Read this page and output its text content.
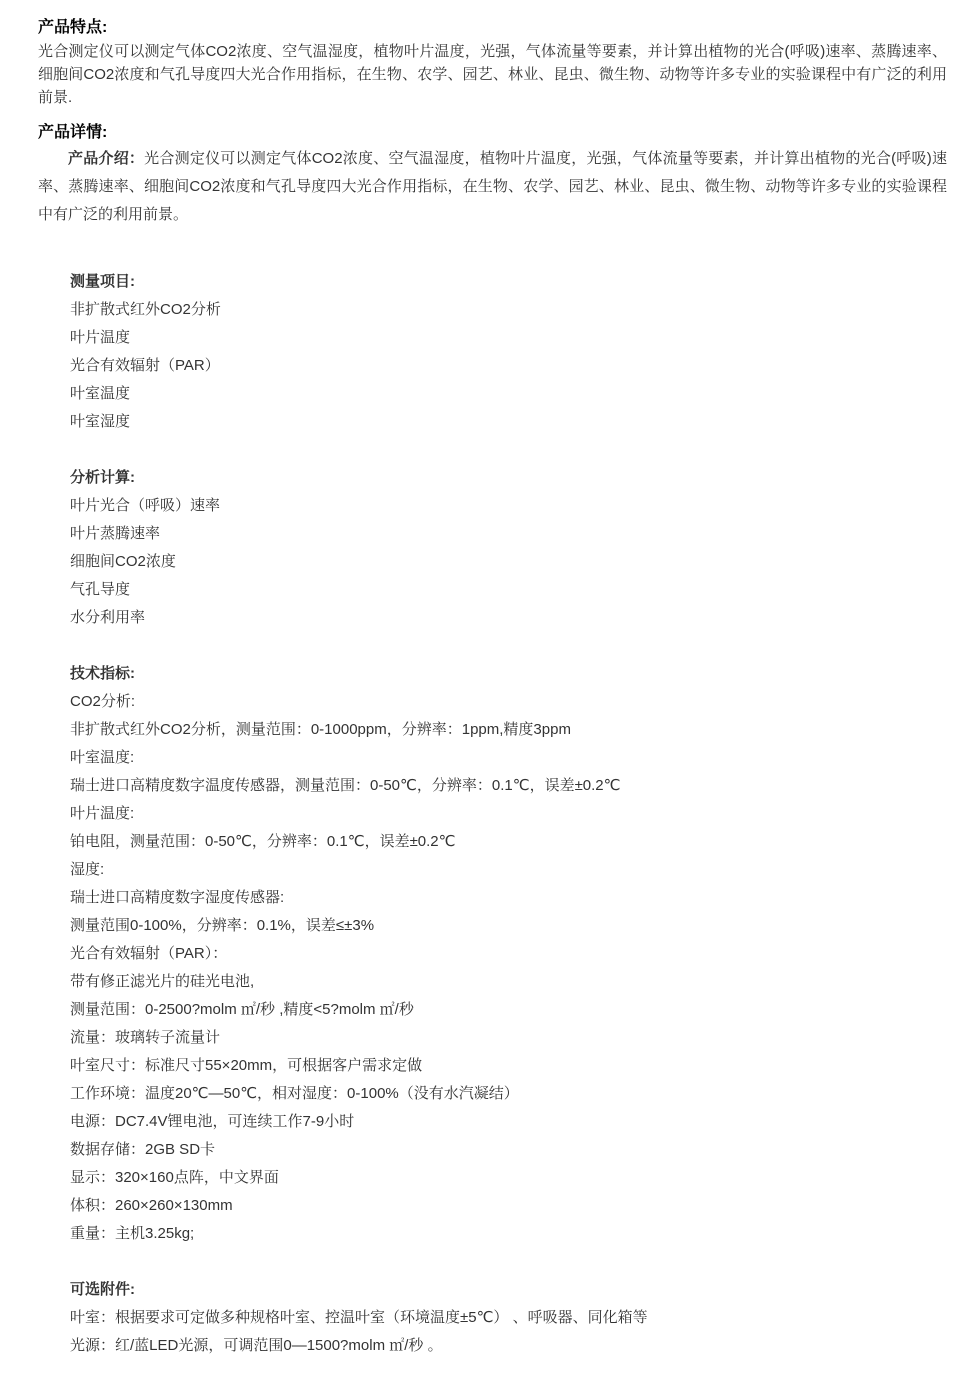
产品特点:

光合测定仪可以测定气体CO2浓度、空气温湿度，植物叶片温度，光强，气体流量等要素，并计算出植物的光合(呼吸)速率、蒸腾速率、细胞间CO2浓度和气孔导度四大光合作用指标，在生物、农学、园艺、林业、昆虫、微生物、动物等许多专业的实验课程中有广泛的利用前景.

产品详情:

产品介绍：光合测定仪可以测定气体CO2浓度、空气温湿度，植物叶片温度，光强，气体流量等要素，并计算出植物的光合(呼吸)速率、蒸腾速率、细胞间CO2浓度和气孔导度四大光合作用指标，在生物、农学、园艺、林业、昆虫、微生物、动物等许多专业的实验课程中有广泛的利用前景。

测量项目:
非扩散式红外CO2分析
叶片温度
光合有效辐射（PAR）
叶室温度
叶室湿度
分析计算:
叶片光合（呼吸）速率
叶片蒸腾速率
细胞间CO2浓度
气孔导度
水分利用率
技术指标:
CO2分析:
非扩散式红外CO2分析，测量范围：0-1000ppm，分辨率：1ppm,精度3ppm
叶室温度:
瑞士进口高精度数字温度传感器，测量范围：0-50℃，分辨率：0.1℃，误差±0.2℃
叶片温度:
铂电阻，测量范围：0-50℃，分辨率：0.1℃，误差±0.2℃
湿度:
瑞士进口高精度数字湿度传感器:
测量范围0-100%，分辨率：0.1%，误差≤±3%
光合有效辐射（PAR）：
带有修正滤光片的硅光电池,
测量范围：0-2500?molm ㎡/秒 ,精度<5?molm ㎡/秒
流量：玻璃转子流量计
叶室尺寸：标准尺寸55×20mm，可根据客户需求定做
工作环境：温度20℃—50℃，相对湿度：0-100%（没有水汽凝结）
电源：DC7.4V锂电池，可连续工作7-9小时
数据存储：2GB SD卡
显示：320×160点阵，中文界面
体积：260×260×130mm
重量：主机3.25kg;
可选附件:
叶室：根据要求可定做多种规格叶室、控温叶室（环境温度±5℃） 、呼吸器、同化箱等
光源：红/蓝LED光源，可调范围0—1500?molm ㎡/秒 。
